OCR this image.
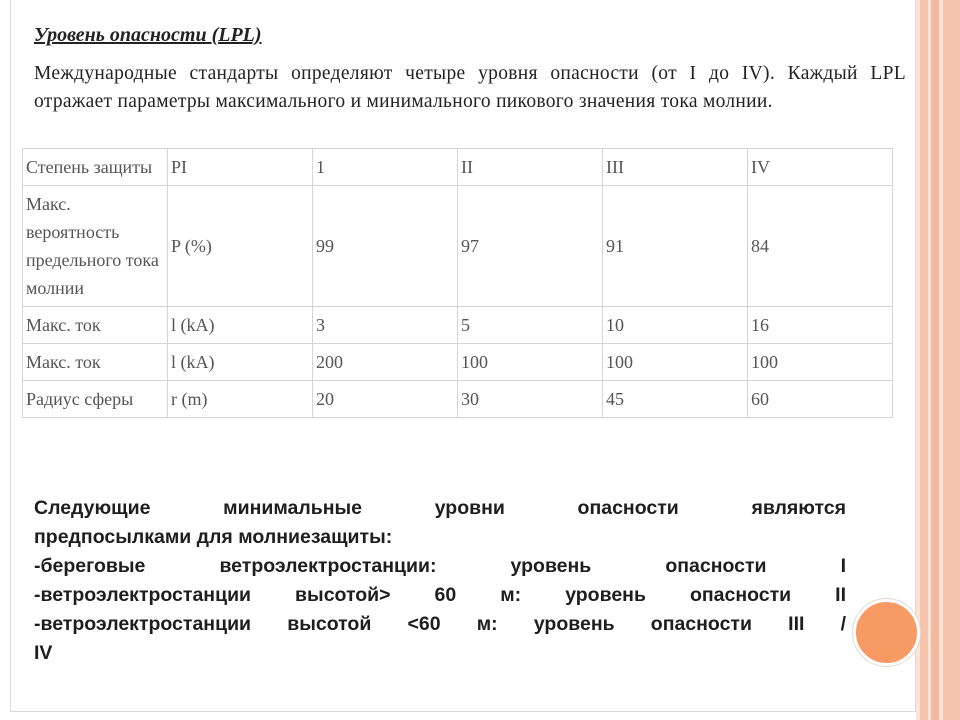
Уровень опасности (LPL)

Международные стандарты определяют четыре уровня опасности (от I до IV). Каждый LPL отражает параметры максимального и минимального пикового значения тока молнии.

Степень защиты	PI	1	II	III	IV
Макс. вероятность предельного тока молнии	P (%)	99	97	91	84
Макс. ток	l (kA)	3	5	10	16
Макс. ток	l (kA)	200	100	100	100
Радиус сферы	r (m)	20	30	45	60
Следующие минимальные уровни опасности являются
предпосылками для молниезащиты:
-береговые ветроэлектростанции: уровень опасности I
-ветроэлектростанции высотой> 60 м: уровень опасности II
-ветроэлектростанции высотой <60 м: уровень опасности III /
IV
